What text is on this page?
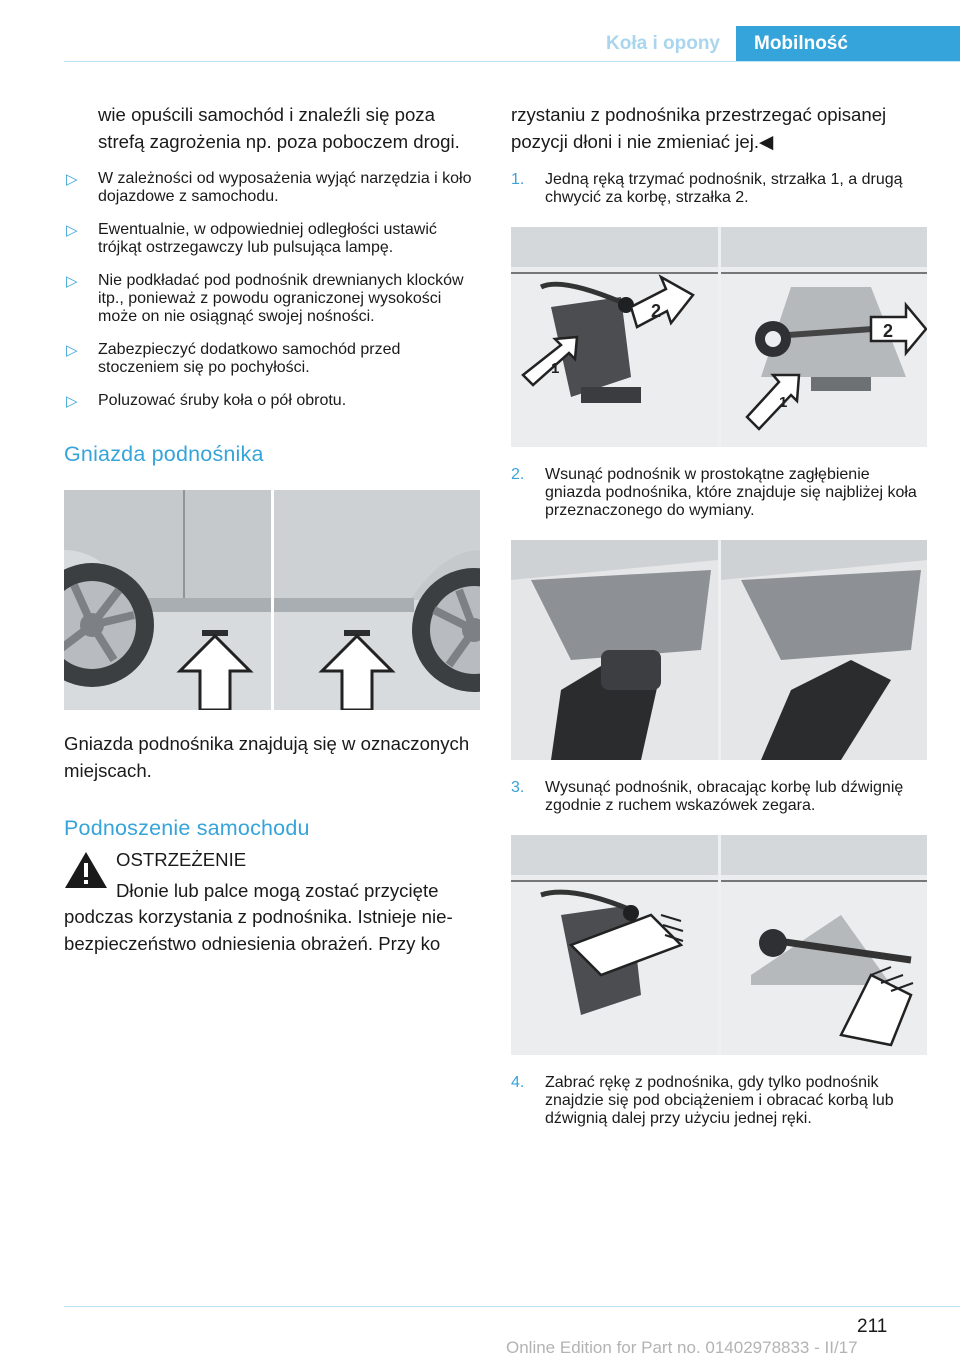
Koła i opony	Mobilność

wie opuścili samochód i znaleźli się poza strefą zagrożenia np. poza poboczem drogi.

▷ W zależności od wyposażenia wyjąć narzędzia i koło dojazdowe z samochodu.
▷ Ewentualnie, w odpowiedniej odległości ustawić trójkąt ostrzegawczy lub pulsująca lampę.
▷ Nie podkładać pod podnośnik drewnianych klocków itp., ponieważ z powodu ograniczonej wysokości może on nie osiągnąć swojej nośności.
▷ Zabezpieczyć dodatkowo samochód przed stoczeniem się po pochyłości.
▷ Poluzować śruby koła o pół obrotu.
Gniazda podnośnika

Gniazda podnośnika znajdują się w oznaczonych miejscach.

Podnoszenie samochodu

OSTRZEŻENIE

Dłonie lub palce mogą zostać przycięte

podczas korzystania z podnośnika. Istnieje niebezpieczeństwo odniesienia obrażeń. Przy ko

rzystaniu z podnośnika przestrzegać opisanej pozycji dłoni i nie zmieniać jej.◀

1. Jedną ręką trzymać podnośnik, strzałka 1, a drugą chwycić za korbę, strzałka 2.
1
2
2
1
2. Wsunąć podnośnik w prostokątne zagłębienie gniazda podnośnika, które znajduje się najbliżej koła przeznaczonego do wymiany.
3. Wysunąć podnośnik, obracając korbę lub dźwignię zgodnie z ruchem wskazówek zegara.
4. Zabrać rękę z podnośnika, gdy tylko podnośnik znajdzie się pod obciążeniem i obracać korbą lub dźwignią dalej przy użyciu jednej ręki.
211
Online Edition for Part no. 01402978833 - II/17
